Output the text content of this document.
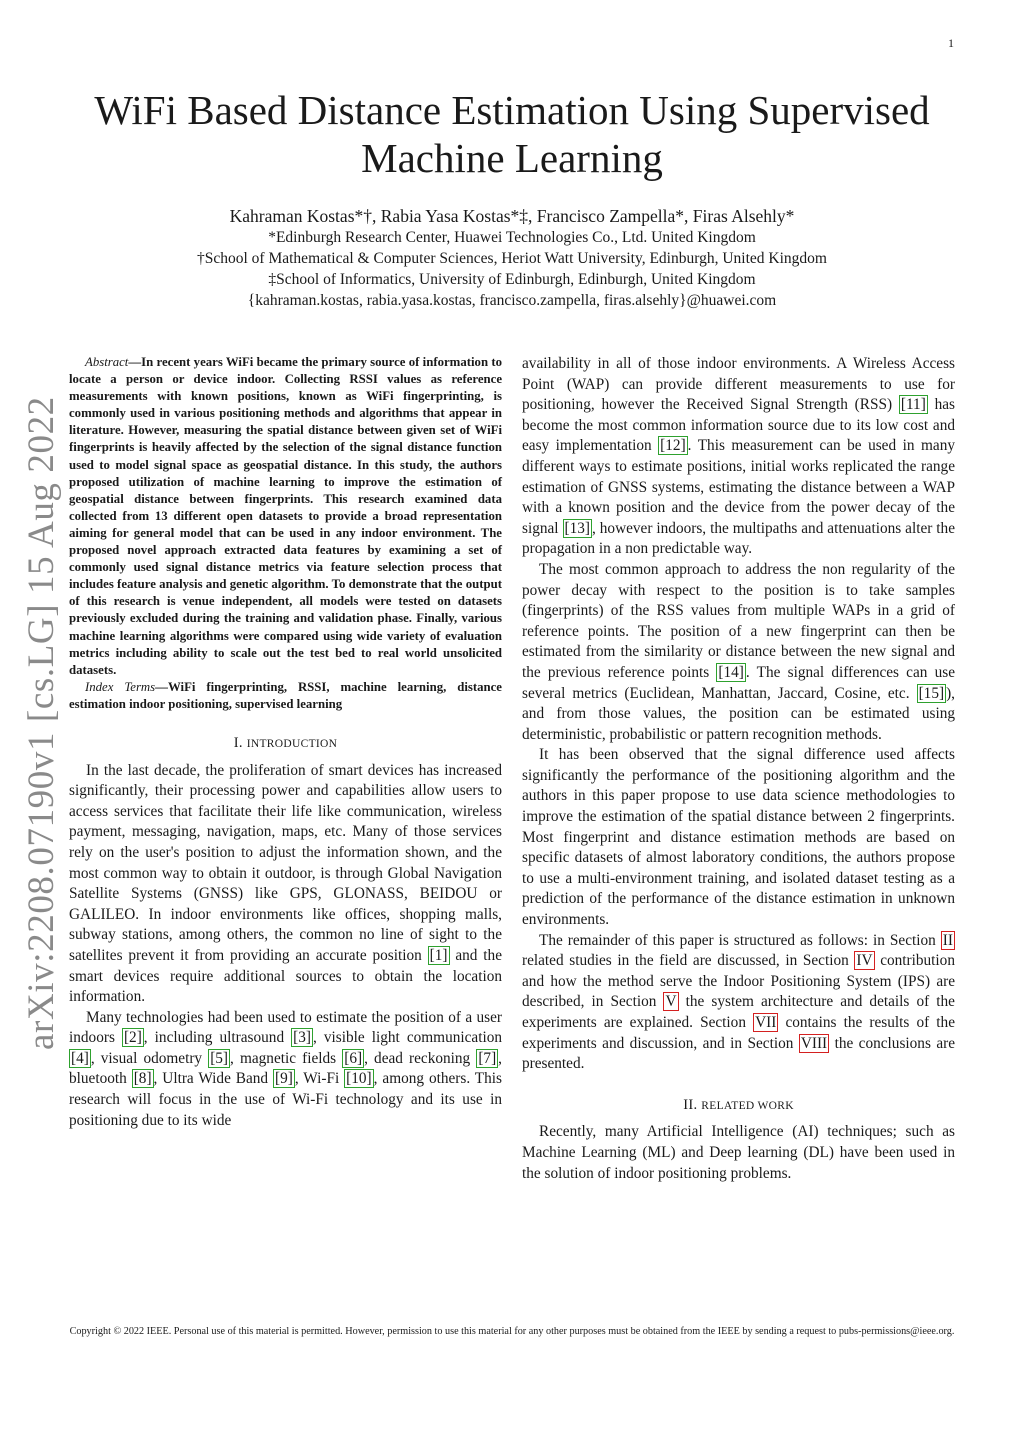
1
arXiv:2208.07190v1 [cs.LG] 15 Aug 2022
WiFi Based Distance Estimation Using Supervised Machine Learning
Kahraman Kostas*†, Rabia Yasa Kostas*‡, Francisco Zampella*, Firas Alsehly*
*Edinburgh Research Center, Huawei Technologies Co., Ltd. United Kingdom
†School of Mathematical & Computer Sciences, Heriot Watt University, Edinburgh, United Kingdom
‡School of Informatics, University of Edinburgh, Edinburgh, United Kingdom
{kahraman.kostas, rabia.yasa.kostas, francisco.zampella, firas.alsehly}@huawei.com

Abstract—In recent years WiFi became the primary source of information to locate a person or device indoor. Collecting RSSI values as reference measurements with known positions, known as WiFi fingerprinting, is commonly used in various positioning methods and algorithms that appear in literature. However, measuring the spatial distance between given set of WiFi fingerprints is heavily affected by the selection of the signal distance function used to model signal space as geospatial distance. In this study, the authors proposed utilization of machine learning to improve the estimation of geospatial distance between fingerprints. This research examined data collected from 13 different open datasets to provide a broad representation aiming for general model that can be used in any indoor environment. The proposed novel approach extracted data features by examining a set of commonly used signal distance metrics via feature selection process that includes feature analysis and genetic algorithm. To demonstrate that the output of this research is venue independent, all models were tested on datasets previously excluded during the training and validation phase. Finally, various machine learning algorithms were compared using wide variety of evaluation metrics including ability to scale out the test bed to real world unsolicited datasets.

Index Terms—WiFi fingerprinting, RSSI, machine learning, distance estimation indoor positioning, supervised learning

I. INTRODUCTION

In the last decade, the proliferation of smart devices has increased significantly, their processing power and capabilities allow users to access services that facilitate their life like communication, wireless payment, messaging, navigation, maps, etc. Many of those services rely on the user's position to adjust the information shown, and the most common way to obtain it outdoor, is through Global Navigation Satellite Systems (GNSS) like GPS, GLONASS, BEIDOU or GALILEO. In indoor environments like offices, shopping malls, subway stations, among others, the common no line of sight to the satellites prevent it from providing an accurate position [1] and the smart devices require additional sources to obtain the location information.

Many technologies had been used to estimate the position of a user indoors [2] , including ultrasound [3] , visible light communication [4] , visual odometry [5] , magnetic fields [6] , dead reckoning [7] , bluetooth [8] , Ultra Wide Band [9] , Wi-Fi [10] , among others. This research will focus in the use of Wi-Fi technology and its use in positioning due to its wide

availability in all of those indoor environments. A Wireless Access Point (WAP) can provide different measurements to use for positioning, however the Received Signal Strength (RSS) [11] has become the most common information source due to its low cost and easy implementation [12] . This measurement can be used in many different ways to estimate positions, initial works replicated the range estimation of GNSS systems, estimating the distance between a WAP with a known position and the device from the power decay of the signal [13] , however indoors, the multipaths and attenuations alter the propagation in a non predictable way.

The most common approach to address the non regularity of the power decay with respect to the position is to take samples (fingerprints) of the RSS values from multiple WAPs in a grid of reference points. The position of a new fingerprint can then be estimated from the similarity or distance between the new signal and the previous reference points [14] . The signal differences can use several metrics (Euclidean, Manhattan, Jaccard, Cosine, etc. [15] ), and from those values, the position can be estimated using deterministic, probabilistic or pattern recognition methods.

It has been observed that the signal difference used affects significantly the performance of the positioning algorithm and the authors in this paper propose to use data science methodologies to improve the estimation of the spatial distance between 2 fingerprints. Most fingerprint and distance estimation methods are based on specific datasets of almost laboratory conditions, the authors propose to use a multi-environment training, and isolated dataset testing as a prediction of the performance of the distance estimation in unknown environments.

The remainder of this paper is structured as follows: in Section II related studies in the field are discussed, in Section IV contribution and how the method serve the Indoor Positioning System (IPS) are described, in Section V the system architecture and details of the experiments are explained. Section VII contains the results of the experiments and discussion, and in Section VIII the conclusions are presented.

II. RELATED WORK

Recently, many Artificial Intelligence (AI) techniques; such as Machine Learning (ML) and Deep learning (DL) have been used in the solution of indoor positioning problems.

Copyright © 2022 IEEE. Personal use of this material is permitted. However, permission to use this material for any other purposes must be obtained from the IEEE by sending a request to pubs-permissions@ieee.org.
